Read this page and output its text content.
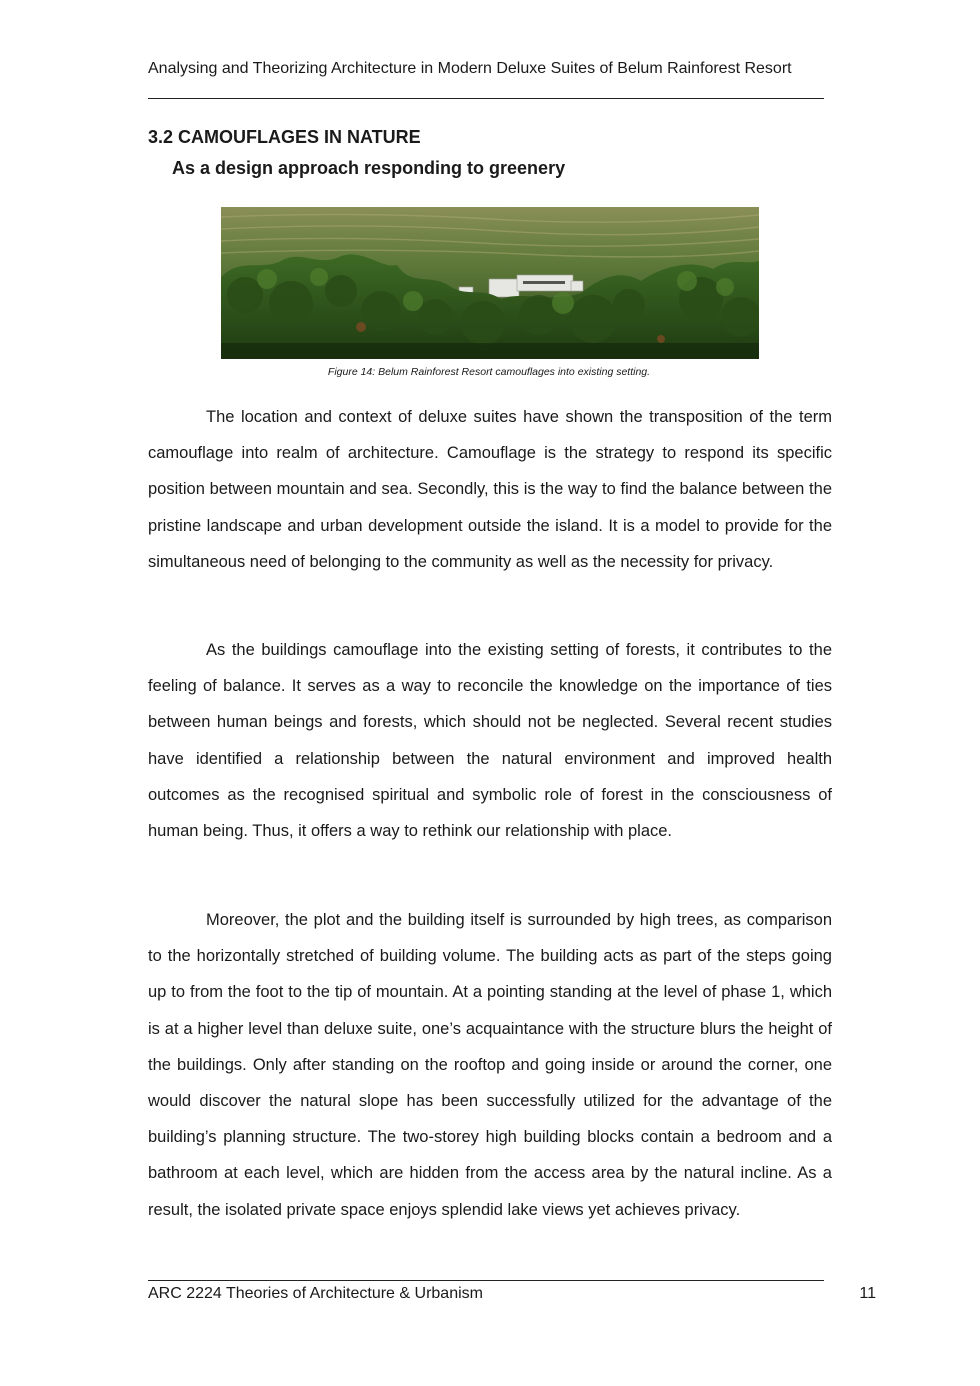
Analysing and Theorizing Architecture in Modern Deluxe Suites of Belum Rainforest Resort
3.2 CAMOUFLAGES IN NATURE
As a design approach responding to greenery
Figure 14: Belum Rainforest Resort camouflages into existing setting.

The location and context of deluxe suites have shown the transposition of the term camouflage into realm of architecture. Camouflage is the strategy to respond its specific position between mountain and sea. Secondly, this is the way to find the balance between the pristine landscape and urban development outside the island. It is a model to provide for the simultaneous need of belonging to the community as well as the necessity for privacy.

As the buildings camouflage into the existing setting of forests, it contributes to the feeling of balance. It serves as a way to reconcile the knowledge on the importance of ties between human beings and forests, which should not be neglected. Several recent studies have identified a relationship between the natural environment and improved health outcomes as the recognised spiritual and symbolic role of forest in the consciousness of human being. Thus, it offers a way to rethink our relationship with place.

Moreover, the plot and the building itself is surrounded by high trees, as comparison to the horizontally stretched of building volume. The building acts as part of the steps going up to from the foot to the tip of mountain. At a pointing standing at the level of phase 1, which is at a higher level than deluxe suite, one’s acquaintance with the structure blurs the height of the buildings. Only after standing on the rooftop and going inside or around the corner, one would discover the natural slope has been successfully utilized for the advantage of the building’s planning structure. The two-storey high building blocks contain a bedroom and a bathroom at each level, which are hidden from the access area by the natural incline. As a result, the isolated private space enjoys splendid lake views yet achieves privacy.

ARC 2224 Theories of Architecture & Urbanism	11
